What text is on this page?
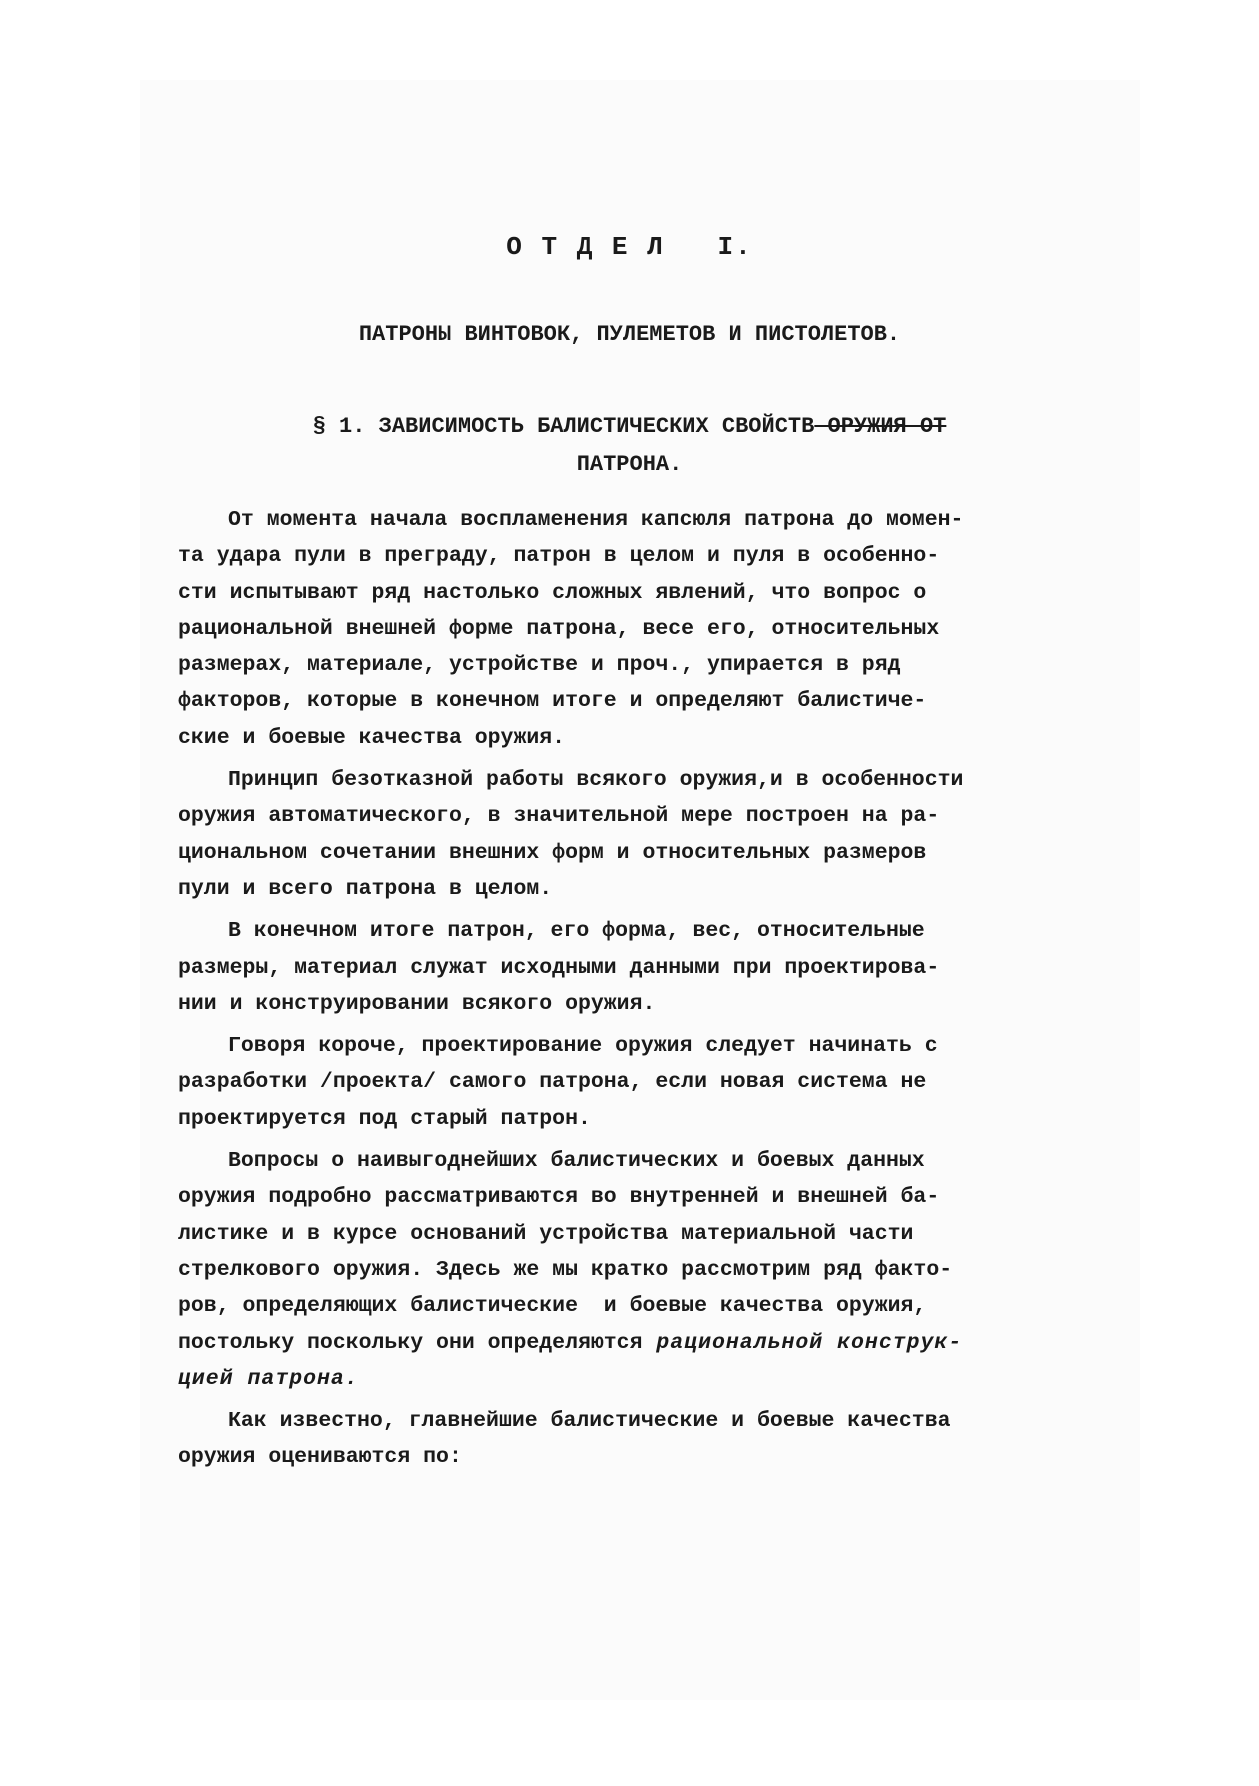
О Т Д Е Л   I.
ПАТРОНЫ ВИНТОВОК, ПУЛЕМЕТОВ И ПИСТОЛЕТОВ.
§ 1. ЗАВИСИМОСТЬ БАЛИСТИЧЕСКИХ СВОЙСТВ ОРУЖИЯ ОТ
ПАТРОНА.
От момента начала воспламенения капсюля патрона до момен-
та удара пули в преграду, патрон в целом и пуля в особенно-
сти испытывают ряд настолько сложных явлений, что вопрос о
рациональной внешней форме патрона, весе его, относительных
размерах, материале, устройстве и проч., упирается в ряд
факторов, которые в конечном итоге и определяют балистиче-
ские и боевые качества оружия.
Принцип безотказной работы всякого оружия,и в особенности
оружия автоматического, в значительной мере построен на ра-
циональном сочетании внешних форм и относительных размеров
пули и всего патрона в целом.
В конечном итоге патрон, его форма, вес, относительные
размеры, материал служат исходными данными при проектирова-
нии и конструировании всякого оружия.
Говоря короче, проектирование оружия следует начинать с
разработки /проекта/ самого патрона, если новая система не
проектируется под старый патрон.
Вопросы о наивыгоднейших балистических и боевых данных
оружия подробно рассматриваются во внутренней и внешней ба-
листике и в курсе оснований устройства материальной части
стрелкового оружия. Здесь же мы кратко рассмотрим ряд факто-
ров, определяющих балистические  и боевые качества оружия,
постольку поскольку они определяются рациональной конструк-
цией патрона.
Как известно, главнейшие балистические и боевые качества
оружия оцениваются по:
